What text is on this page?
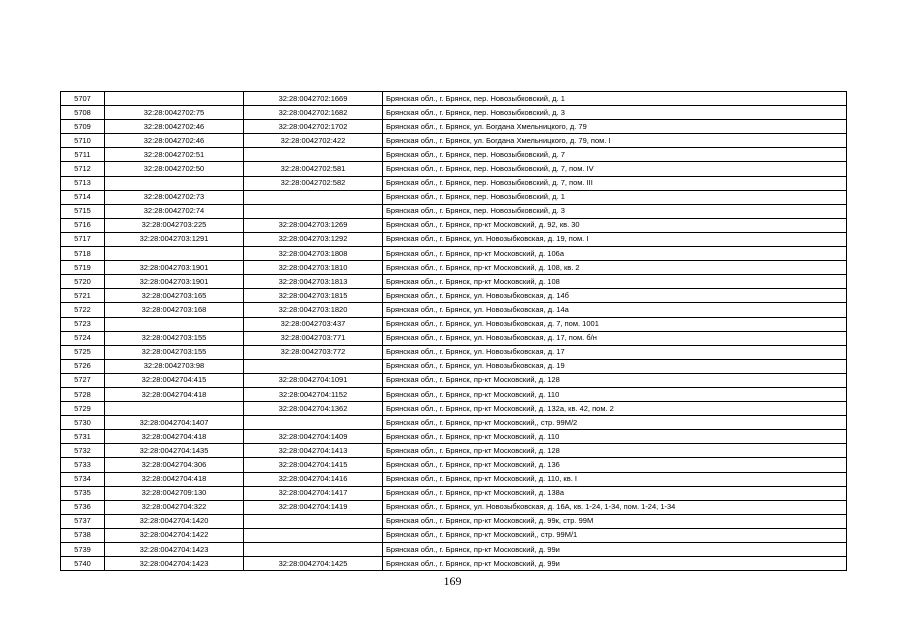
5707		32:28:0042702:1669	Брянская обл., г. Брянск, пер. Новозыбковский, д. 1
5708	32:28:0042702:75	32:28:0042702:1682	Брянская обл., г. Брянск, пер. Новозыбковский, д. 3
5709	32:28:0042702:46	32:28:0042702:1702	Брянская обл., г. Брянск, ул. Богдана Хмельницкого, д. 79
5710	32:28:0042702:46	32:28:0042702:422	Брянская обл., г. Брянск, ул. Богдана Хмельницкого, д. 79, пом. I
5711	32:28:0042702:51		Брянская обл., г. Брянск, пер. Новозыбковский, д. 7
5712	32:28:0042702:50	32:28:0042702:581	Брянская обл., г. Брянск, пер. Новозыбковский, д. 7, пом. IV
5713		32:28:0042702:582	Брянская обл., г. Брянск, пер. Новозыбковский, д. 7, пом. III
5714	32:28:0042702:73		Брянская обл., г. Брянск, пер. Новозыбковский, д. 1
5715	32:28:0042702:74		Брянская обл., г. Брянск, пер. Новозыбковский, д. 3
5716	32:28:0042703:225	32:28:0042703:1269	Брянская обл., г. Брянск, пр-кт Московский, д. 92, кв. 30
5717	32:28:0042703:1291	32:28:0042703:1292	Брянская обл., г. Брянск, ул. Новозыбковская, д. 19, пом. I
5718		32:28:0042703:1808	Брянская обл., г. Брянск, пр-кт Московский, д. 106а
5719	32:28:0042703:1901	32:28:0042703:1810	Брянская обл., г. Брянск, пр-кт Московский, д. 108, кв. 2
5720	32:28:0042703:1901	32:28:0042703:1813	Брянская обл., г. Брянск, пр-кт Московский, д. 108
5721	32:28:0042703:165	32:28:0042703:1815	Брянская обл., г. Брянск, ул. Новозыбковская, д. 14б
5722	32:28:0042703:168	32:28:0042703:1820	Брянская обл., г. Брянск, ул. Новозыбковская, д. 14а
5723		32:28:0042703:437	Брянская обл., г. Брянск, ул. Новозыбковская, д. 7, пом. 1001
5724	32:28:0042703:155	32:28:0042703:771	Брянская обл., г. Брянск, ул. Новозыбковская, д. 17, пом. б/н
5725	32:28:0042703:155	32:28:0042703:772	Брянская обл., г. Брянск, ул. Новозыбковская, д. 17
5726	32:28:0042703:98		Брянская обл., г. Брянск, ул. Новозыбковская, д. 19
5727	32:28:0042704:415	32:28:0042704:1091	Брянская обл., г. Брянск, пр-кт Московский, д. 128
5728	32:28:0042704:418	32:28:0042704:1152	Брянская обл., г. Брянск, пр-кт Московский, д. 110
5729		32:28:0042704:1362	Брянская обл., г. Брянск, пр-кт Московский, д. 132а, кв. 42, пом. 2
5730	32:28:0042704:1407		Брянская обл., г. Брянск, пр-кт Московский,, стр. 99М/2
5731	32:28:0042704:418	32:28:0042704:1409	Брянская обл., г. Брянск, пр-кт Московский, д. 110
5732	32:28:0042704:1435	32:28:0042704:1413	Брянская обл., г. Брянск, пр-кт Московский, д. 128
5733	32:28:0042704:306	32:28:0042704:1415	Брянская обл., г. Брянск, пр-кт Московский, д. 136
5734	32:28:0042704:418	32:28:0042704:1416	Брянская обл., г. Брянск, пр-кт Московский, д. 110, кв. I
5735	32:28:0042709:130	32:28:0042704:1417	Брянская обл., г. Брянск, пр-кт Московский, д. 138а
5736	32:28:0042704:322	32:28:0042704:1419	Брянская обл., г. Брянск, ул. Новозыбковская, д. 16А, кв. 1-24, 1-34, пом. 1-24, 1-34
5737	32:28:0042704:1420		Брянская обл., г. Брянск, пр-кт Московский, д. 99к, стр. 99М
5738	32:28:0042704:1422		Брянская обл., г. Брянск, пр-кт Московский,, стр. 99М/1
5739	32:28:0042704:1423		Брянская обл., г. Брянск, пр-кт Московский, д. 99и
5740	32:28:0042704:1423	32:28:0042704:1425	Брянская обл., г. Брянск, пр-кт Московский, д. 99и
169
